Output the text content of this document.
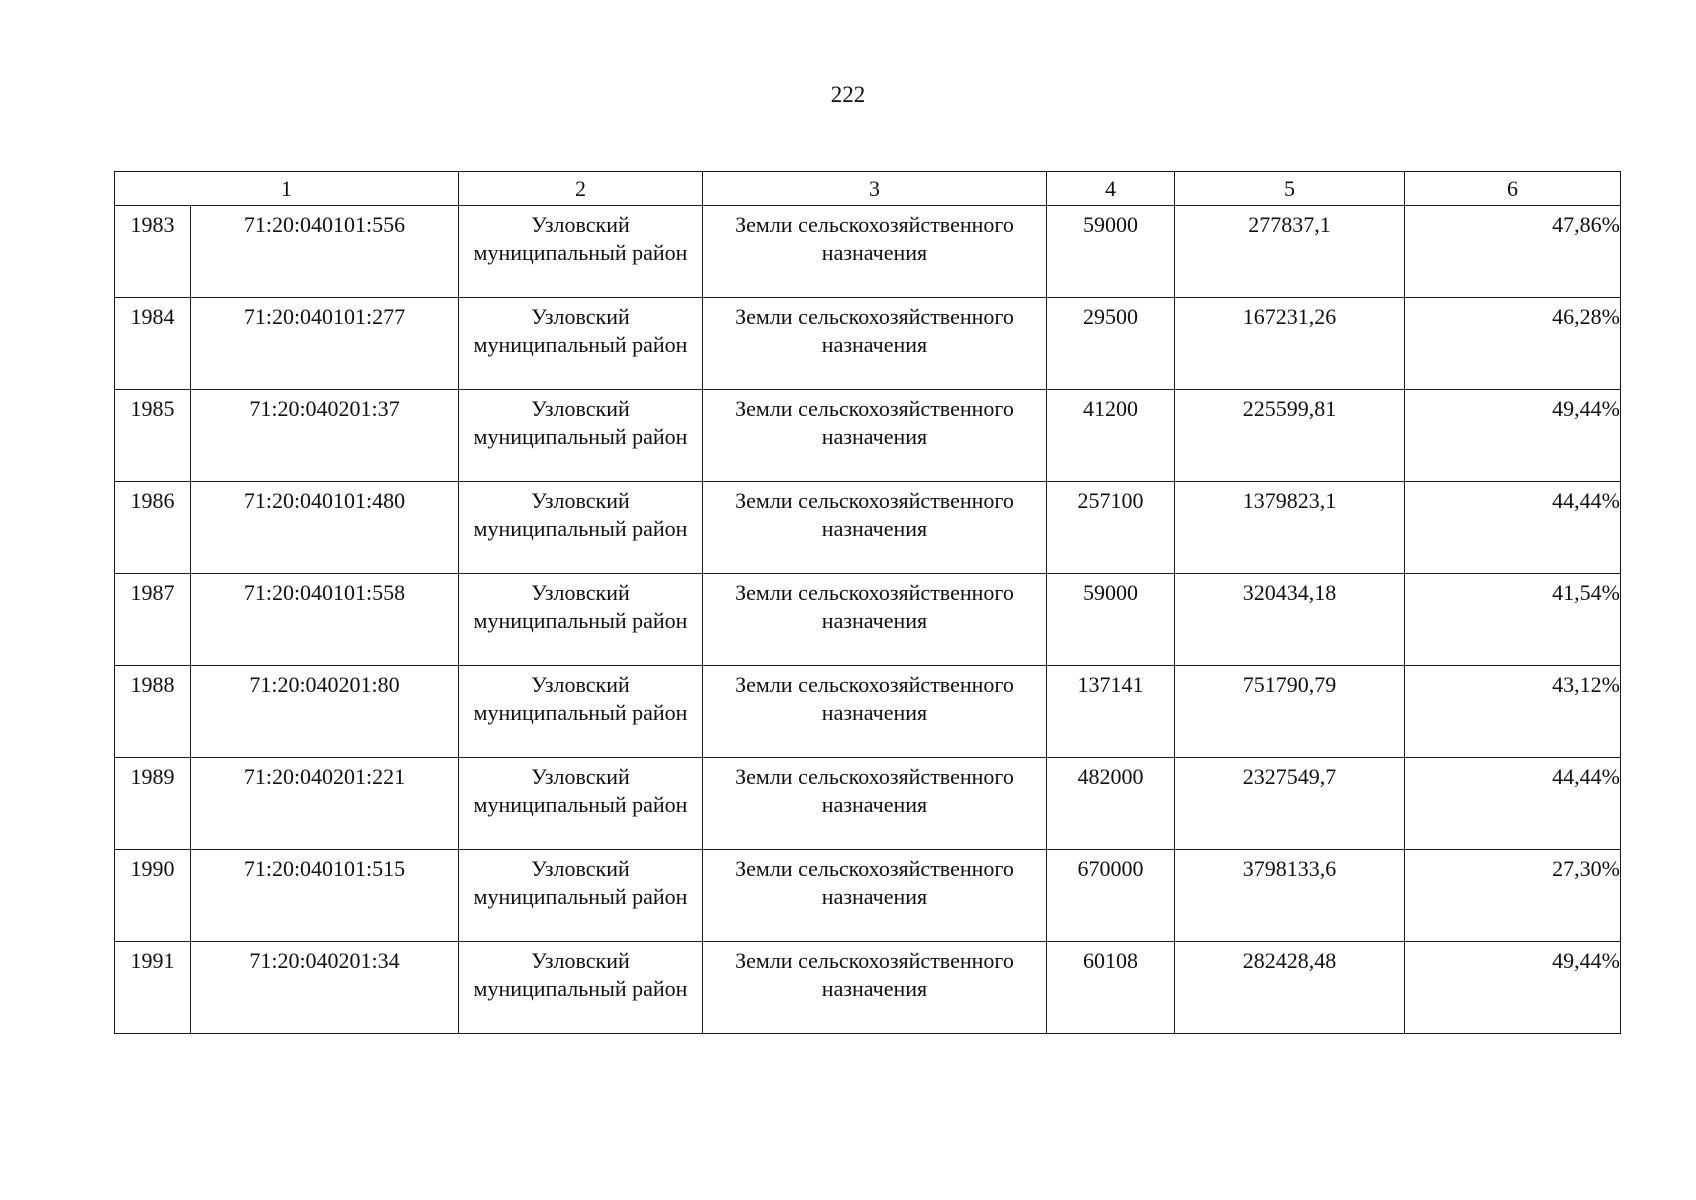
222
1		2	3	4	5	6
1983	71:20:040101:556	Узловский муниципальный район	Земли сельскохозяйственного назначения	59000	277837,1	47,86%
1984	71:20:040101:277	Узловский муниципальный район	Земли сельскохозяйственного назначения	29500	167231,26	46,28%
1985	71:20:040201:37	Узловский муниципальный район	Земли сельскохозяйственного назначения	41200	225599,81	49,44%
1986	71:20:040101:480	Узловский муниципальный район	Земли сельскохозяйственного назначения	257100	1379823,1	44,44%
1987	71:20:040101:558	Узловский муниципальный район	Земли сельскохозяйственного назначения	59000	320434,18	41,54%
1988	71:20:040201:80	Узловский муниципальный район	Земли сельскохозяйственного назначения	137141	751790,79	43,12%
1989	71:20:040201:221	Узловский муниципальный район	Земли сельскохозяйственного назначения	482000	2327549,7	44,44%
1990	71:20:040101:515	Узловский муниципальный район	Земли сельскохозяйственного назначения	670000	3798133,6	27,30%
1991	71:20:040201:34	Узловский муниципальный район	Земли сельскохозяйственного назначения	60108	282428,48	49,44%
